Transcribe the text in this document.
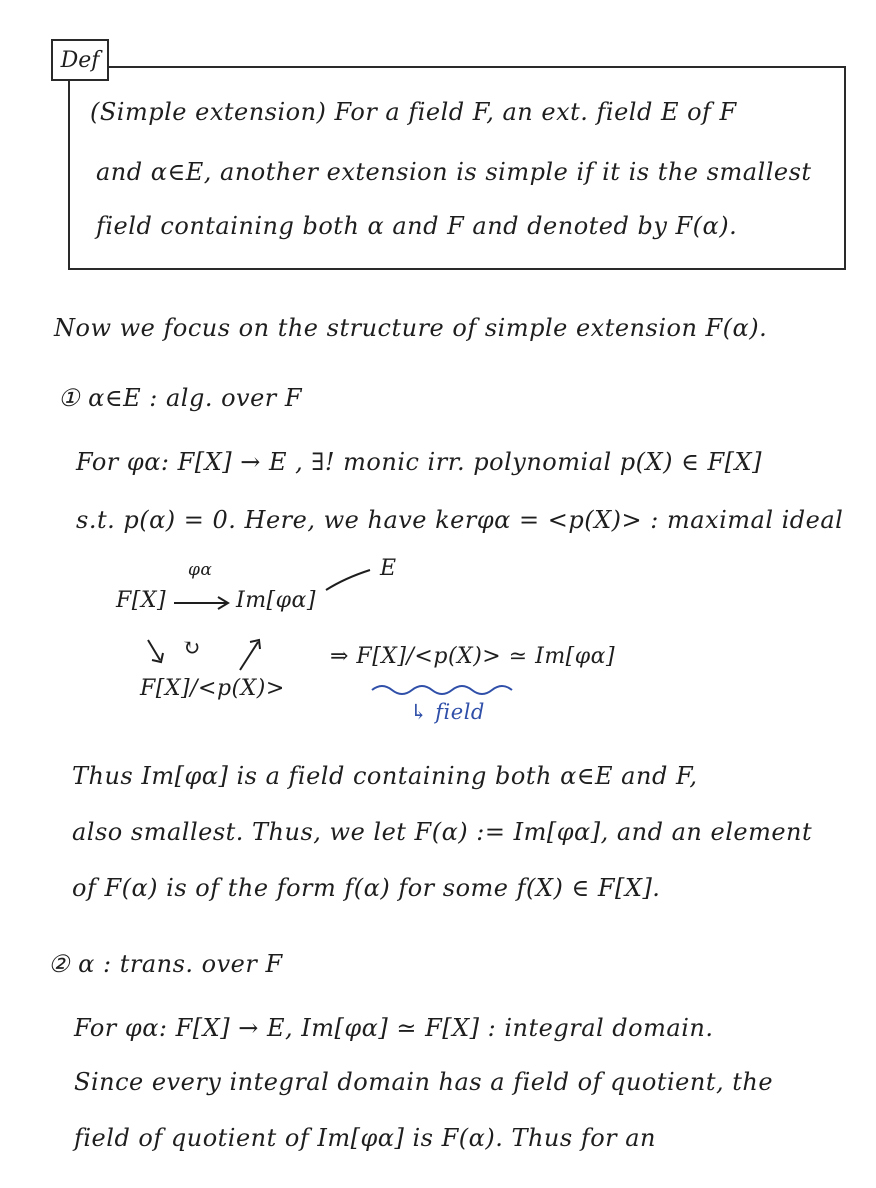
Def
(Simple extension) For a field F, an ext. field E of F
and α∈E, another extension is simple if it is the smallest
field containing both α and F and denoted by F(α).
Now we focus on the structure of simple extension F(α).
① α∈E : alg. over F
For φα: F[X] → E , ∃! monic irr. polynomial p(X) ∈ F[X]
s.t. p(α) = 0. Here, we have kerφα = <p(X)> : maximal ideal
F[X]
φα
Im[φα]
E
↻
F[X]/<p(X)>
⇒ F[X]/<p(X)> ≃ Im[φα]
↳ field
Thus Im[φα] is a field containing both α∈E and F,
also smallest. Thus, we let F(α) := Im[φα], and an element
of F(α) is of the form f(α) for some f(X) ∈ F[X].
② α : trans. over F
For φα: F[X] → E, Im[φα] ≃ F[X] : integral domain.
Since every integral domain has a field of quotient, the
field of quotient of Im[φα] is F(α). Thus for an
